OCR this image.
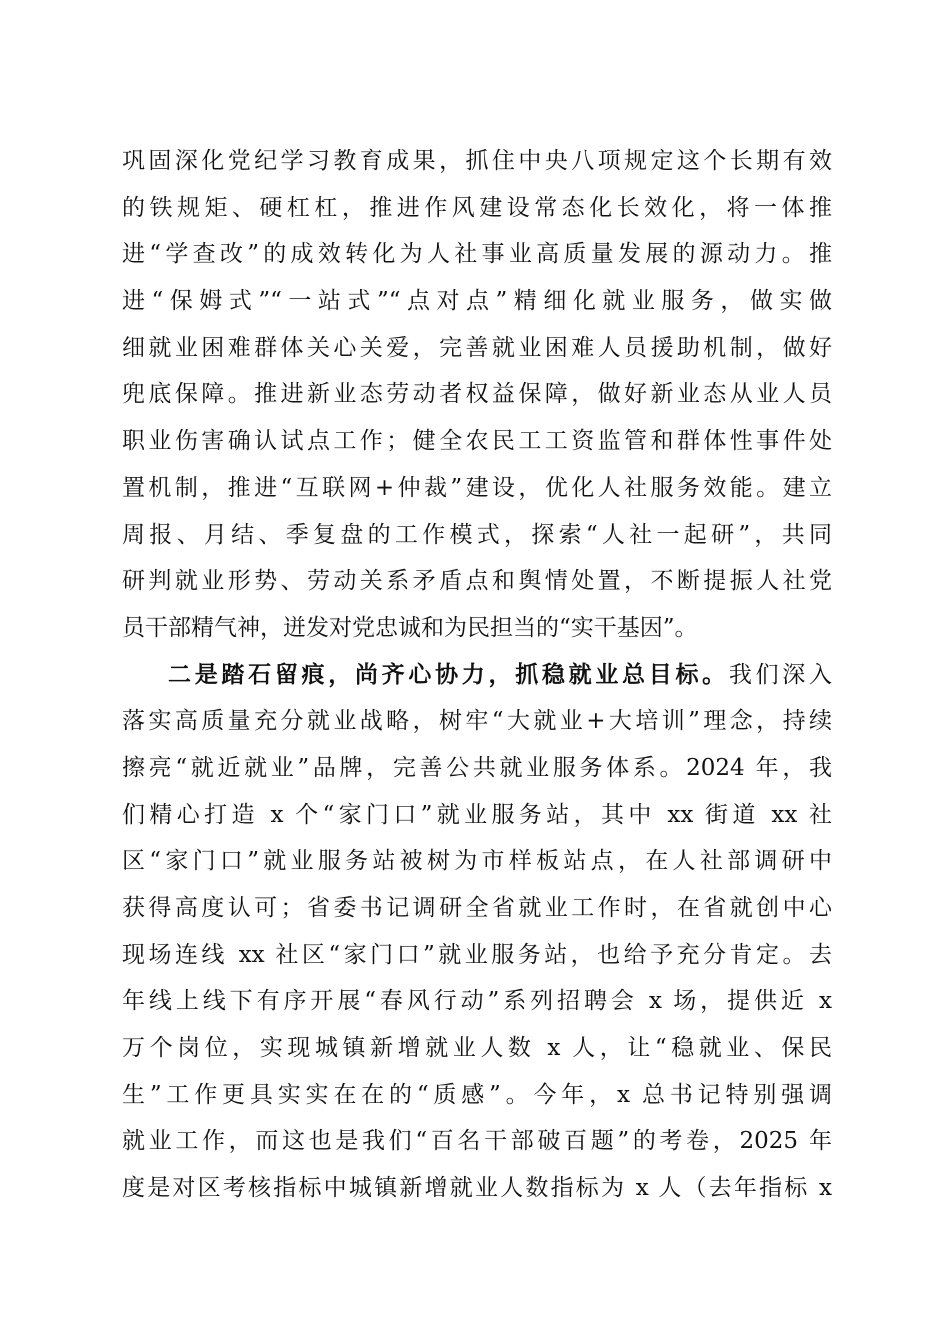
巩固深化党纪学习教育成果，抓住中央八项规定这个长期有效
的铁规矩、硬杠杠，推进作风建设常态化长效化，将一体推
进“学查改”的成效转化为人社事业高质量发展的源动力。推
进“保姆式”“一站式”“点对点”精细化就业服务，做实做
细就业困难群体关心关爱，完善就业困难人员援助机制，做好
兜底保障。推进新业态劳动者权益保障，做好新业态从业人员
职业伤害确认试点工作；健全农民工工资监管和群体性事件处
置机制，推进“互联网+仲裁”建设，优化人社服务效能。建立
周报、月结、季复盘的工作模式，探索“人社一起研”，共同
研判就业形势、劳动关系矛盾点和舆情处置，不断提振人社党
员干部精气神，迸发对党忠诚和为民担当的“实干基因”。
二是踏石留痕，尚齐心协力，抓稳就业总目标。我们深入
落实高质量充分就业战略，树牢“大就业+大培训”理念，持续
擦亮“就近就业”品牌，完善公共就业服务体系。2024 年，我
们精心打造 x 个“家门口”就业服务站，其中 xx 街道 xx 社
区“家门口”就业服务站被树为市样板站点，在人社部调研中
获得高度认可；省委书记调研全省就业工作时，在省就创中心
现场连线 xx 社区“家门口”就业服务站，也给予充分肯定。去
年线上线下有序开展“春风行动”系列招聘会 x 场，提供近 x
万个岗位，实现城镇新增就业人数 x 人，让“稳就业、保民
生”工作更具实实在在的“质感”。今年，x 总书记特别强调
就业工作，而这也是我们“百名干部破百题”的考卷，2025 年
度是对区考核指标中城镇新增就业人数指标为 x 人（去年指标 x
